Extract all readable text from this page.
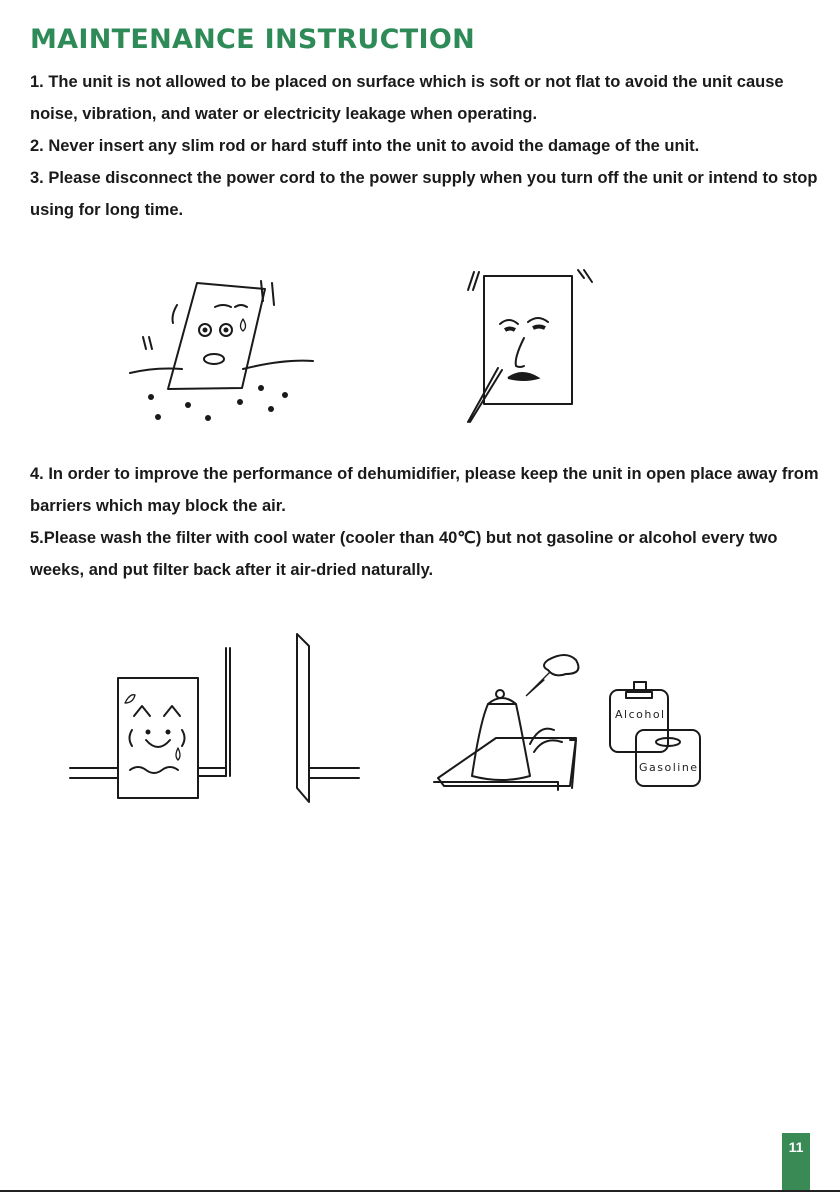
MAINTENANCE INSTRUCTION

1. The unit is not allowed to be placed on surface which is soft or not flat to avoid the unit cause noise, vibration, and water or electricity leakage when operating.

2. Never insert any slim rod or hard stuff into the unit to avoid the damage of the unit.

3. Please disconnect the power cord to the power supply when you turn off the unit or intend to stop using for long time.

4. In order to improve the performance of dehumidifier, please keep the unit in open place away from barriers which may block the air.

5.Please wash the filter with cool water (cooler than 40℃) but not gasoline or alcohol every two weeks, and put filter back after it air-dried naturally.

Alcohol
Gasoline
11
